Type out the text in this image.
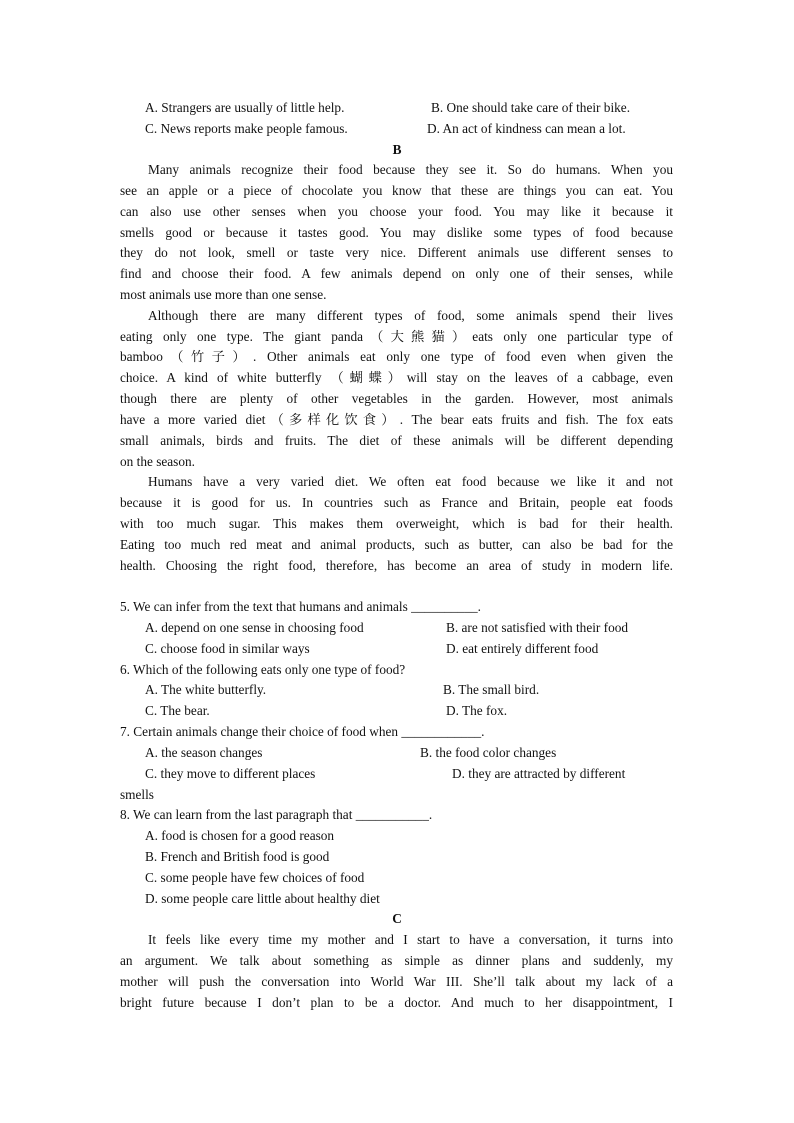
A. Strangers are usually of little help.	B. One should take care of their bike.
C. News reports make people famous.	D. An act of kindness can mean a lot.
B
Many animals recognize their food because they see it. So do humans. When you
see an apple or a piece of chocolate you know that these are things you can eat. You
can also use other senses when you choose your food. You may like it because it
smells good or because it tastes good. You may dislike some types of food because
they do not look, smell or taste very nice. Different animals use different senses to
find and choose their food. A few animals depend on only one of their senses, while
most animals use more than one sense.
Although there are many different types of food, some animals spend their lives
eating only one type. The giant panda（大熊猫）eats only one particular type of
bamboo（竹子）. Other animals eat only one type of food even when given the
choice. A kind of white butterfly （蝴蝶）will stay on the leaves of a cabbage, even
though there are plenty of other vegetables in the garden. However, most animals
have a more varied diet（多样化饮食）. The bear eats fruits and fish. The fox eats
small animals, birds and fruits. The diet of these animals will be different depending
on the season.
Humans have a very varied diet. We often eat food because we like it and not
because it is good for us. In countries such as France and Britain, people eat foods
with too much sugar. This makes them overweight, which is bad for their health.
Eating too much red meat and animal products, such as butter, can also be bad for the
health. Choosing the right food, therefore, has become an area of study in modern life.
5. We can infer from the text that humans and animals __________.
A. depend on one sense in choosing food	B. are not satisfied with their food
C. choose food in similar ways	D. eat entirely different food
6. Which of the following eats only one type of food?
A. The white butterfly.	B. The small bird.
C. The bear.	D. The fox.
7. Certain animals change their choice of food when ____________.
A. the season changes	B. the food color changes
C. they move to different places	D. they are attracted by different
smells
8. We can learn from the last paragraph that ___________.
A. food is chosen for a good reason
B. French and British food is good
C. some people have few choices of food
D. some people care little about healthy diet
C
It feels like every time my mother and I start to have a conversation, it turns into
an argument. We talk about something as simple as dinner plans and suddenly, my
mother will push the conversation into World War III. She’ll talk about my lack of a
bright future because I don’t plan to be a doctor. And much to her disappointment, I
